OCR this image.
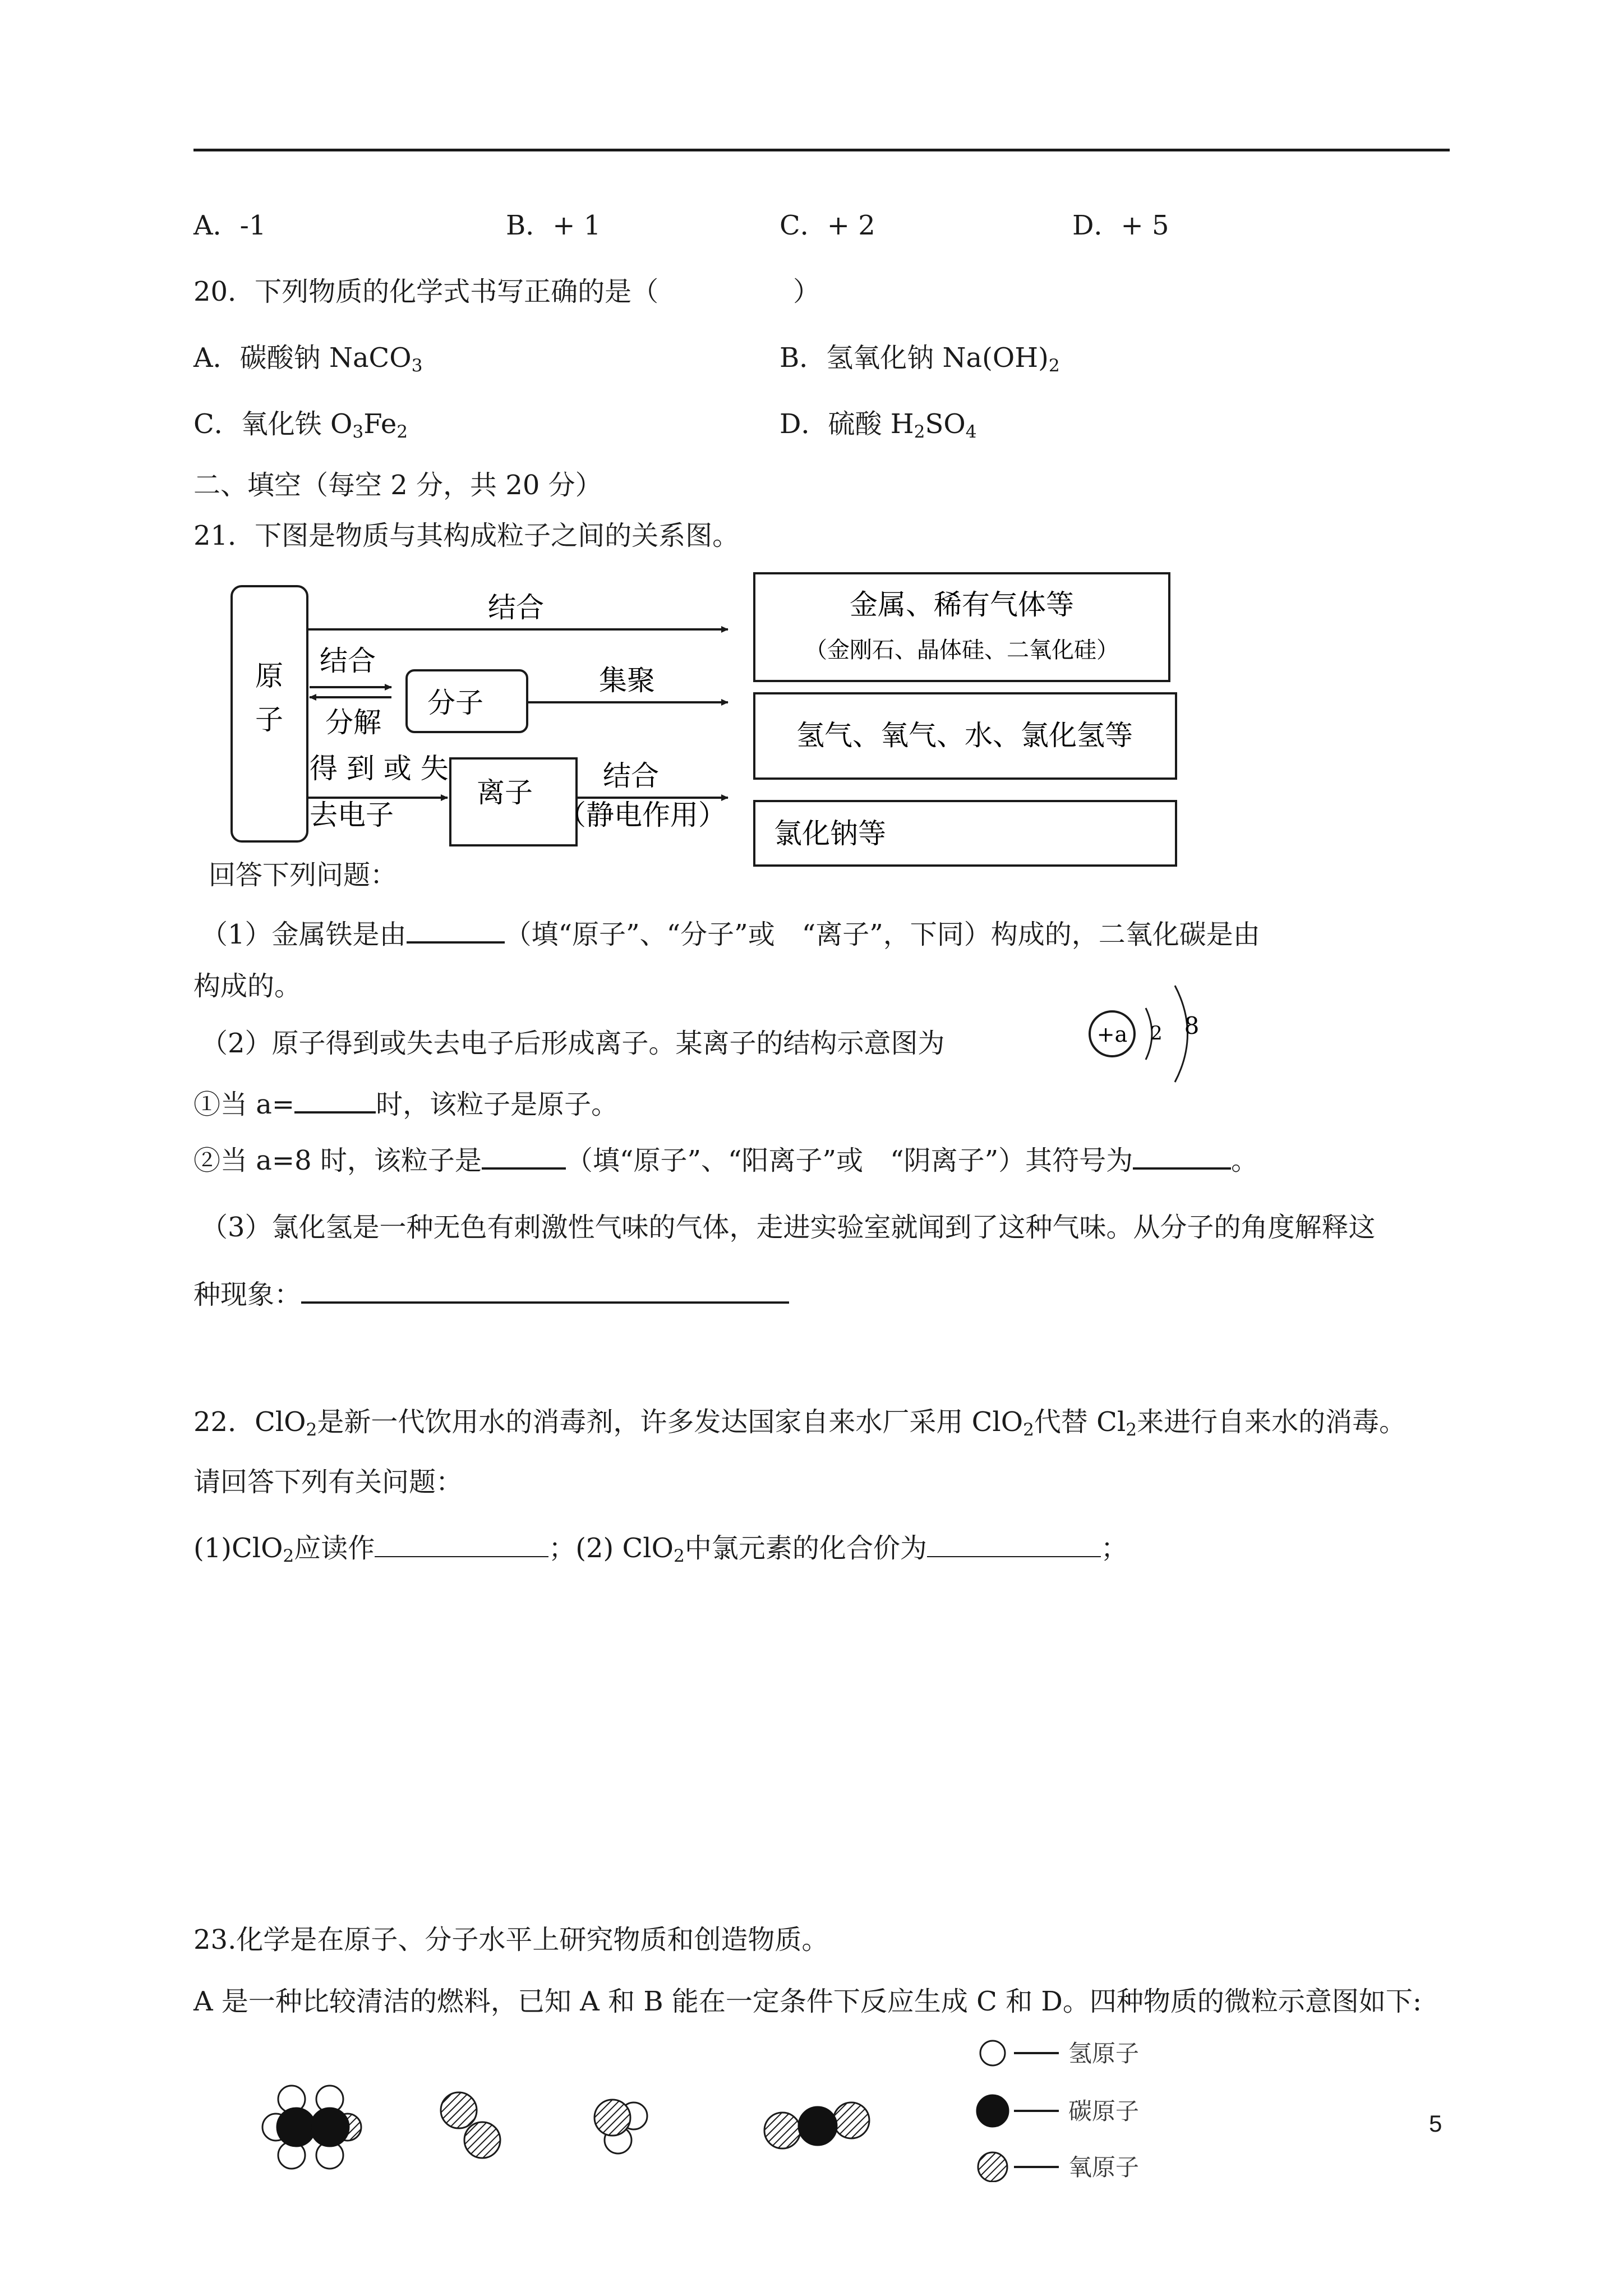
A．-1	B．+ 1	C．+ 2	D．+ 5
20．下列物质的化学式书写正确的是（　　　　　）
A．碳酸钠 NaCO$_3$	B．氢氧化钠 $Na(OH)_2$
C．氧化铁 $O_3Fe_2$	D．硫酸 $H_2SO_4$
二、填空（每空 2 分，共 20 分）
21．下图是物质与其构成粒子之间的关系图。
原
子
结合
结合
分解
分子
集聚
得 到 或 失
去电子
离子
结合
（静电作用）
金属、稀有气体等
（金刚石、晶体硅、二氧化硅）
氢气、氧气、水、氯化氢等
氯化钠等
回答下列问题：
（1）金属铁是由	（填“原子”、“分子”或　“离子”，下同）构成的，二氧化碳是由
构成的。
（2）原子得到或失去电子后形成离子。某离子的结构示意图为	+a 2 8
①当 a=	时，该粒子是原子。
②当 a=8 时，该粒子是	（填“原子”、“阳离子”或　“阴离子”）其符号为	。
（3）氯化氢是一种无色有刺激性气味的气体，走进实验室就闻到了这种气味。从分子的角度解释这
种现象：
22．ClO$_2$是新一代饮用水的消毒剂，许多发达国家自来水厂采用 ClO$_2$代替 $Cl_2$来进行自来水的消毒。
请回答下列有关问题：
(1)ClO$_2$应读作	；(2) ClO$_2$中氯元素的化合价为	；
23.化学是在原子、分子水平上研究物质和创造物质。
A 是一种比较清洁的燃料，已知 A 和 B 能在一定条件下反应生成 C 和 D。四种物质的微粒示意图如下:
氢原子
碳原子
氧原子
5
